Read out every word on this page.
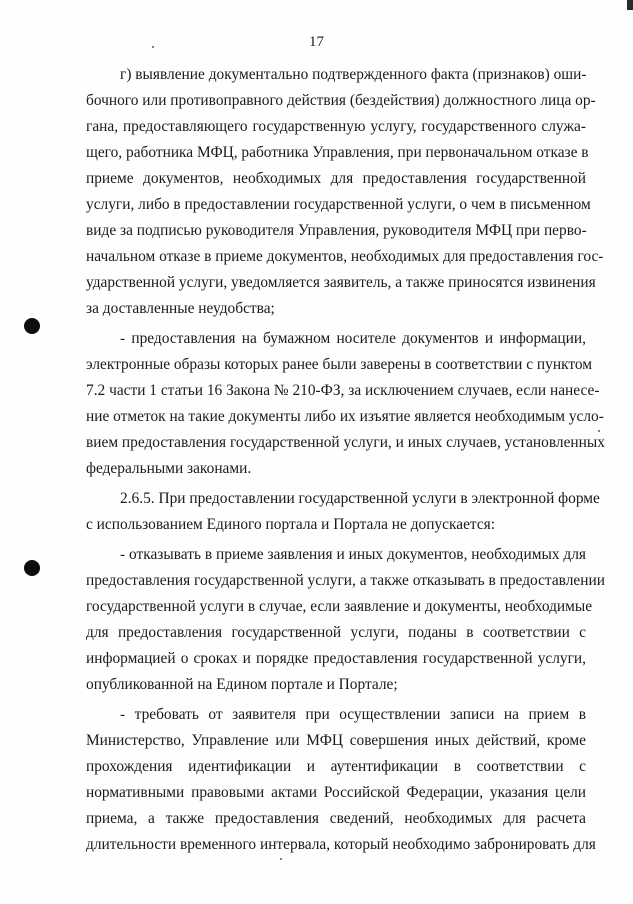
17
г) выявление документально подтвержденного факта (признаков) оши-
бочного или противоправного действия (бездействия) должностного лица ор-
гана, предоставляющего государственную услугу, государственного служа-
щего, работника МФЦ, работника Управления, при первоначальном отказе в
приеме документов, необходимых для предоставления государственной
услуги, либо в предоставлении государственной услуги, о чем в письменном
виде за подписью руководителя Управления, руководителя МФЦ при перво-
начальном отказе в приеме документов, необходимых для предоставления гос-
ударственной услуги, уведомляется заявитель, а также приносятся извинения
за доставленные неудобства;
- предоставления на бумажном носителе документов и информации,
электронные образы которых ранее были заверены в соответствии с пунктом
7.2 части 1 статьи 16 Закона № 210-ФЗ, за исключением случаев, если нанесе-
ние отметок на такие документы либо их изъятие является необходимым усло-
вием предоставления государственной услуги, и иных случаев, установленных
федеральными законами.
2.6.5. При предоставлении государственной услуги в электронной форме
с использованием Единого портала и Портала не допускается:
- отказывать в приеме заявления и иных документов, необходимых для
предоставления государственной услуги, а также отказывать в предоставлении
государственной услуги в случае, если заявление и документы, необходимые
для предоставления государственной услуги, поданы в соответствии с
информацией о сроках и порядке предоставления государственной услуги,
опубликованной на Едином портале и Портале;
- требовать от заявителя при осуществлении записи на прием в
Министерство, Управление или МФЦ совершения иных действий, кроме
прохождения идентификации и аутентификации в соответствии с
нормативными правовыми актами Российской Федерации, указания цели
приема, а также предоставления сведений, необходимых для расчета
длительности временного интервала, который необходимо забронировать для
